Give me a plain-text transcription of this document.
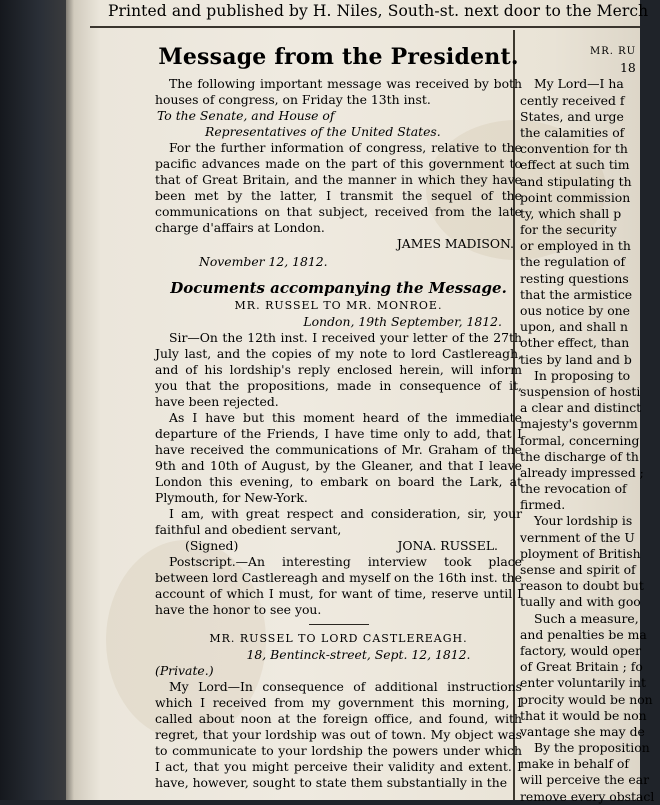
Printed and published by H. Niles, South-st. next door to the Merch

Message from the President.

The following important message was received by both houses of congress, on Friday the 13th inst.

To the Senate, and House of

Representatives of the United States.

For the further information of congress, relative to the pacific advances made on the part of this government to that of Great Britain, and the manner in which they have been met by the latter, I transmit the sequel of the communications on that subject, received from the late charge d'affairs at London.

JAMES MADISON.

November 12, 1812.

Documents accompanying the Message.

MR. RUSSEL TO MR. MONROE.

London, 19th September, 1812.

Sir—On the 12th inst. I received your letter of the 27th July last, and the copies of my note to lord Castlereagh, and of his lordship's reply enclosed herein, will inform you that the propositions, made in consequence of it, have been rejected.

As I have but this moment heard of the immediate departure of the Friends, I have time only to add, that I have received the communications of Mr. Graham of the 9th and 10th of August, by the Gleaner, and that I leave London this evening, to embark on board the Lark, at Plymouth, for New-York.

I am, with great respect and consideration, sir, your faithful and obedient servant,

(Signed)	JONA. RUSSEL.

Postscript.—An interesting interview took place between lord Castlereagh and myself on the 16th inst. the account of which I must, for want of time, reserve until I have the honor to see you.

MR. RUSSEL TO LORD CASTLEREAGH.

18, Bentinck-street, Sept. 12, 1812.

(Private.)

My Lord—In consequence of additional instructions which I received from my government this morning, I called about noon at the foreign office, and found, with regret, that your lordship was out of town. My object was to communicate to your lordship the powers under which I act, that you might perceive their validity and extent. I have, however, sought to state them substantially in the

MR. RU
18
My Lord—I ha
cently received f
States, and urge
the calamities of
convention for th
effect at such tim
and stipulating th
point commission
ty, which shall p
for the security
or employed in th
the regulation of
resting questions
that the armistice
ous notice by one
upon, and shall n
other effect, than
ties by land and b
In proposing to
suspension of hosti
a clear and distinct
majesty's governm
formal, concerning
the discharge of th
already impressed ;
the revocation of
firmed.
Your lordship is
vernment of the U
ployment of British
sense and spirit of
reason to doubt but
tually and with goo
Such a measure,
and penalties be ma
factory, would oper
of Great Britain ; fo
enter voluntarily int
procity would be non
that it would be non
vantage she may de
By the proposition
make in behalf of
will perceive the ear
remove every obstacl
